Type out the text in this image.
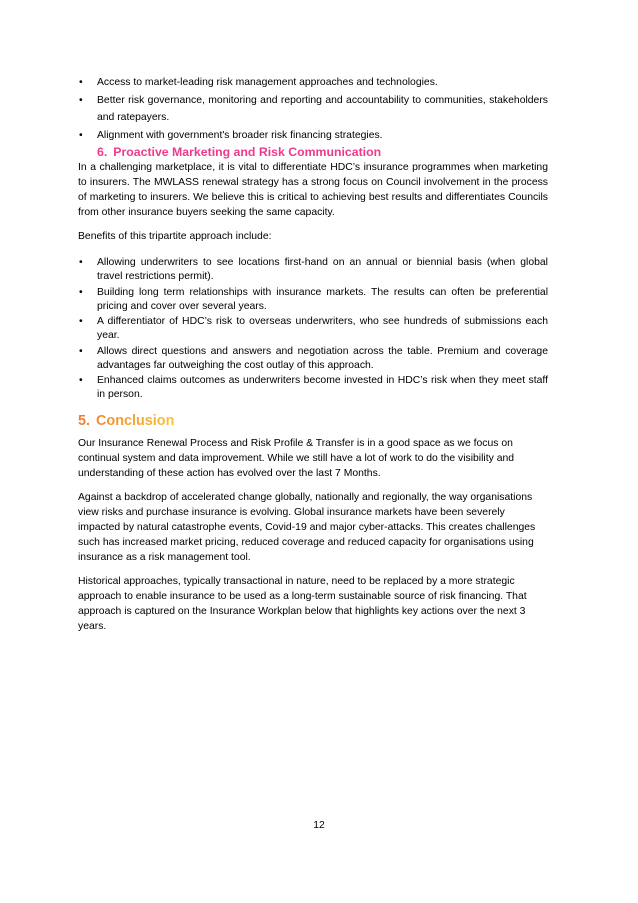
• Access to market-leading risk management approaches and technologies.
• Better risk governance, monitoring and reporting and accountability to communities, stakeholders and ratepayers.
• Alignment with government's broader risk financing strategies.
6. Proactive Marketing and Risk Communication

In a challenging marketplace, it is vital to differentiate HDC’s insurance programmes when marketing to insurers. The MWLASS renewal strategy has a strong focus on Council involvement in the process of marketing to insurers. We believe this is critical to achieving best results and differentiates Councils from other insurance buyers seeking the same capacity.

Benefits of this tripartite approach include:

• Allowing underwriters to see locations first-hand on an annual or biennial basis (when global travel restrictions permit).
• Building long term relationships with insurance markets. The results can often be preferential pricing and cover over several years.
• A differentiator of HDC’s risk to overseas underwriters, who see hundreds of submissions each year.
• Allows direct questions and answers and negotiation across the table. Premium and coverage advantages far outweighing the cost outlay of this approach.
• Enhanced claims outcomes as underwriters become invested in HDC’s risk when they meet staff in person.
5. Conclusion

Our Insurance Renewal Process and Risk Profile & Transfer is in a good space as we focus on continual system and data improvement. While we still have a lot of work to do the visibility and understanding of these action has evolved over the last 7 Months.

Against a backdrop of accelerated change globally, nationally and regionally, the way organisations view risks and purchase insurance is evolving. Global insurance markets have been severely impacted by natural catastrophe events, Covid-19 and major cyber-attacks. This creates challenges such has increased market pricing, reduced coverage and reduced capacity for organisations using insurance as a risk management tool.

Historical approaches, typically transactional in nature, need to be replaced by a more strategic approach to enable insurance to be used as a long-term sustainable source of risk financing. That approach is captured on the Insurance Workplan below that highlights key actions over the next 3 years.

12
